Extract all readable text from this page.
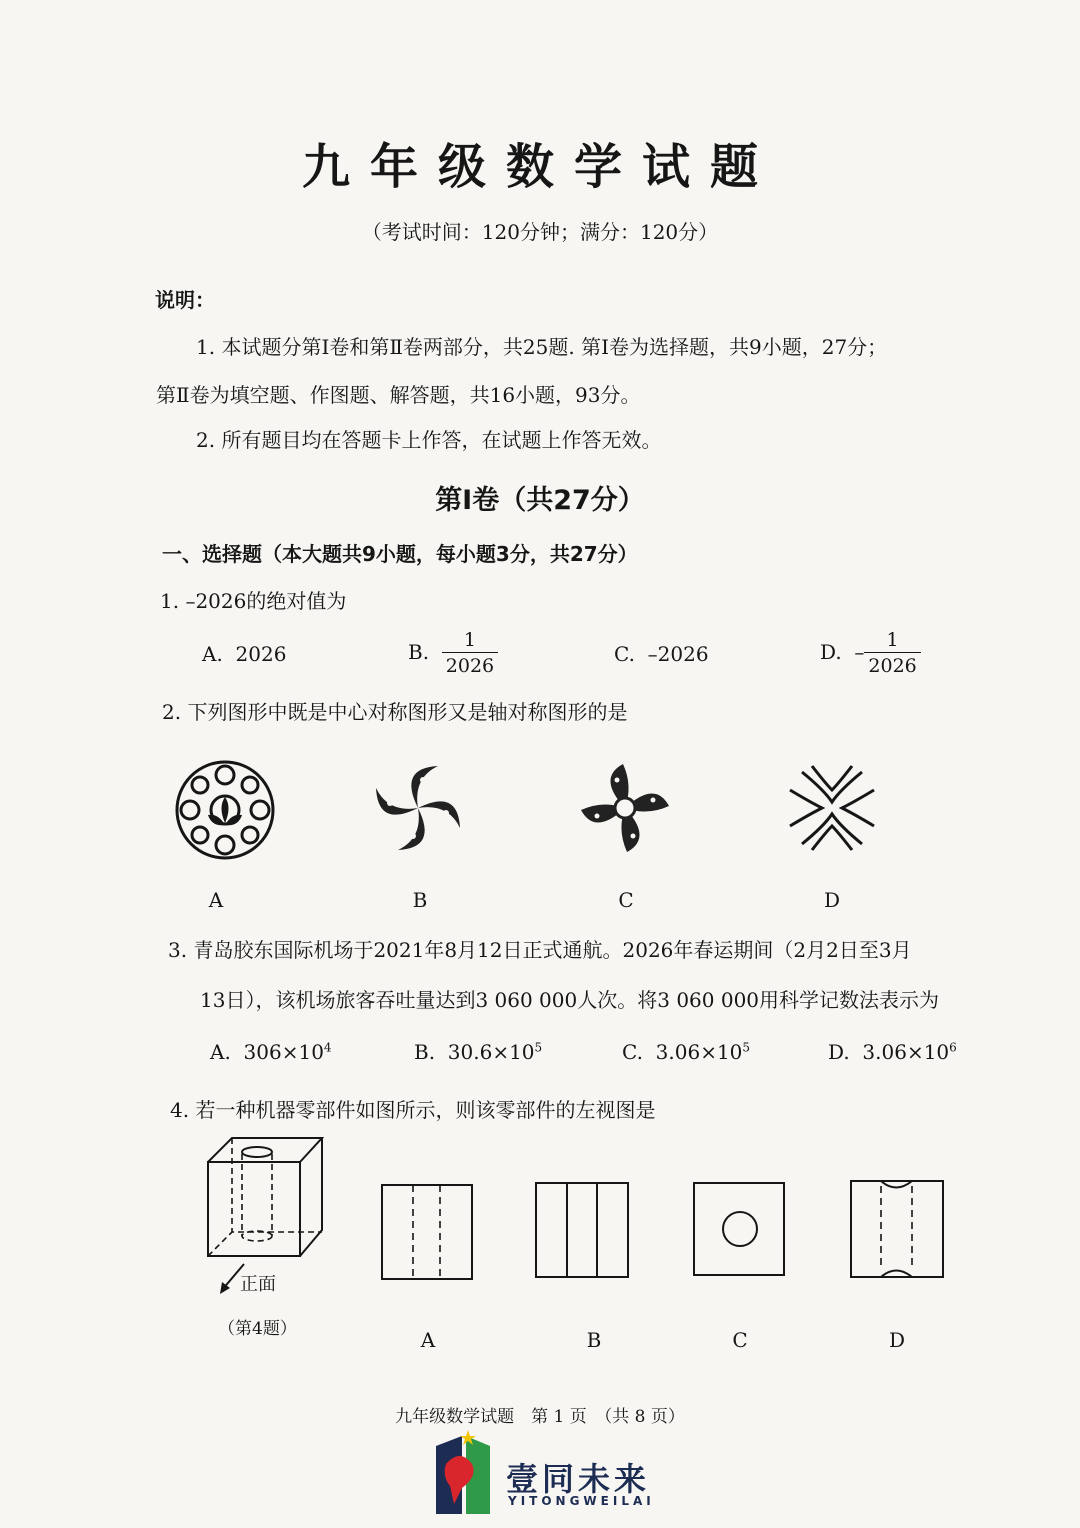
九年级数学试题
（考试时间：120分钟；满分：120分）
说明：
1. 本试题分第Ⅰ卷和第Ⅱ卷两部分，共25题. 第Ⅰ卷为选择题，共9小题，27分；
第Ⅱ卷为填空题、作图题、解答题，共16小题，93分。
2. 所有题目均在答题卡上作答，在试题上作答无效。
第Ⅰ卷（共27分）
一、选择题（本大题共9小题，每小题3分，共27分）
1. –2026的绝对值为
A. 2026	B. $\frac{1}{2026}$	C. –2026	D. – $\frac{1}{2026}$
2. 下列图形中既是中心对称图形又是轴对称图形的是
A	B	C	D
3. 青岛胶东国际机场于2021年8月12日正式通航。2026年春运期间（2月2日至3月
13日），该机场旅客吞吐量达到3 060 000人次。将3 060 000用科学记数法表示为
A. $306\times 10^4$	B. $30.6\times 10^5$	C. $3.06\times 10^5$	D. $3.06\times 10^6$
4. 若一种机器零部件如图所示，则该零部件的左视图是
正面
（第4题）	A	B	C	D
九年级数学试题　第 1 页　（共 8 页）
壹同未来
YITONGWEILAI
